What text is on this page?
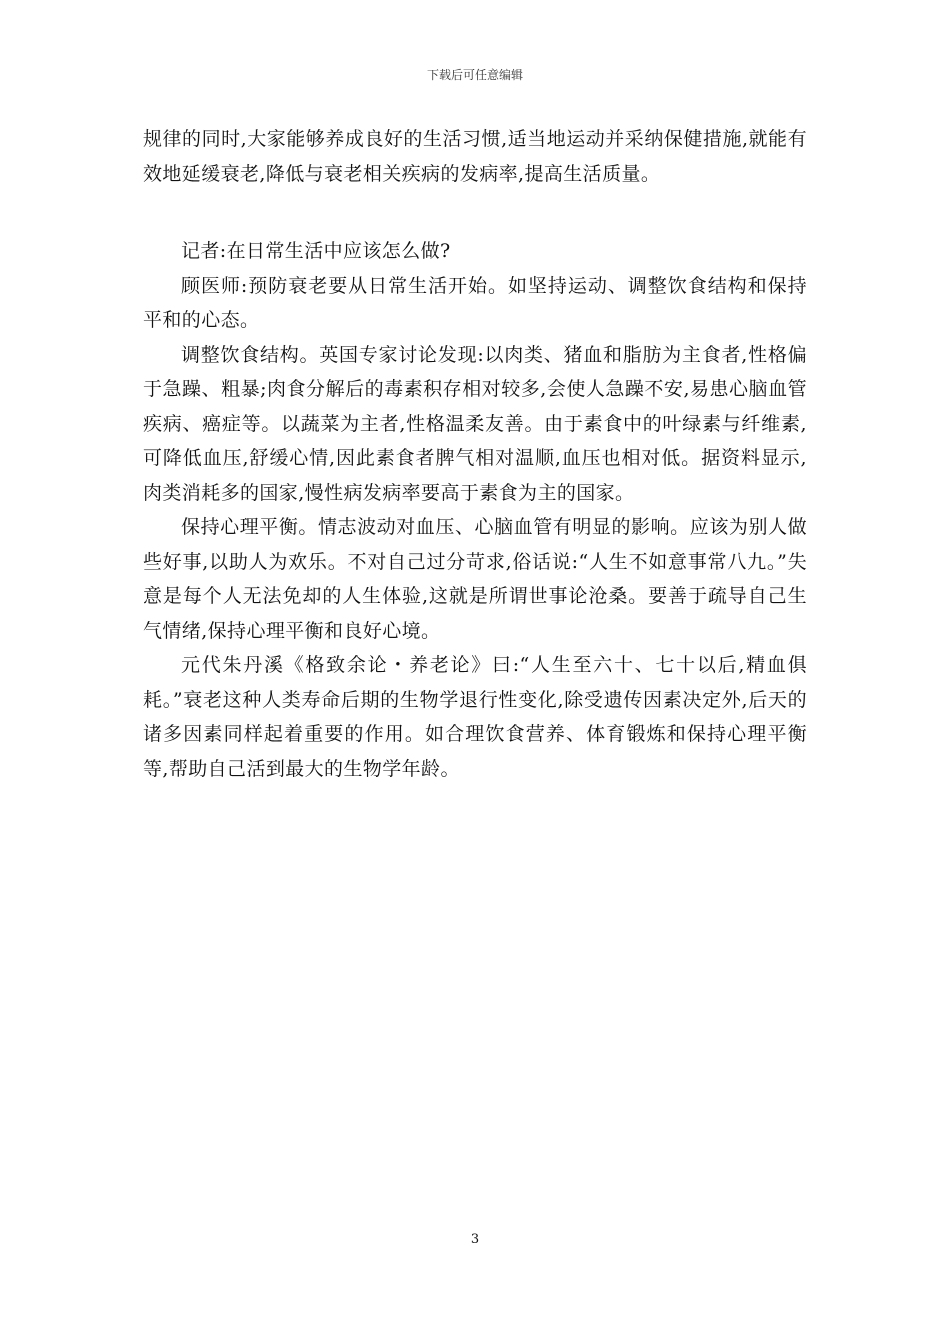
下载后可任意编辑

规律的同时,大家能够养成良好的生活习惯,适当地运动并采纳保健措施,就能有效地延缓衰老,降低与衰老相关疾病的发病率,提高生活质量。

记者:在日常生活中应该怎么做?

顾医师:预防衰老要从日常生活开始。如坚持运动、调整饮食结构和保持平和的心态。

调整饮食结构。英国专家讨论发现:以肉类、猪血和脂肪为主食者,性格偏于急躁、粗暴;肉食分解后的毒素积存相对较多,会使人急躁不安,易患心脑血管疾病、癌症等。以蔬菜为主者,性格温柔友善。由于素食中的叶绿素与纤维素,可降低血压,舒缓心情,因此素食者脾气相对温顺,血压也相对低。据资料显示,肉类消耗多的国家,慢性病发病率要高于素食为主的国家。

保持心理平衡。情志波动对血压、心脑血管有明显的影响。应该为别人做些好事,以助人为欢乐。不对自己过分苛求,俗话说:“人生不如意事常八九。”失意是每个人无法免却的人生体验,这就是所谓世事论沧桑。要善于疏导自己生气情绪,保持心理平衡和良好心境。

元代朱丹溪《格致余论・养老论》曰:“人生至六十、七十以后,精血俱耗。”衰老这种人类寿命后期的生物学退行性变化,除受遗传因素决定外,后天的诸多因素同样起着重要的作用。如合理饮食营养、体育锻炼和保持心理平衡等,帮助自己活到最大的生物学年龄。

3
